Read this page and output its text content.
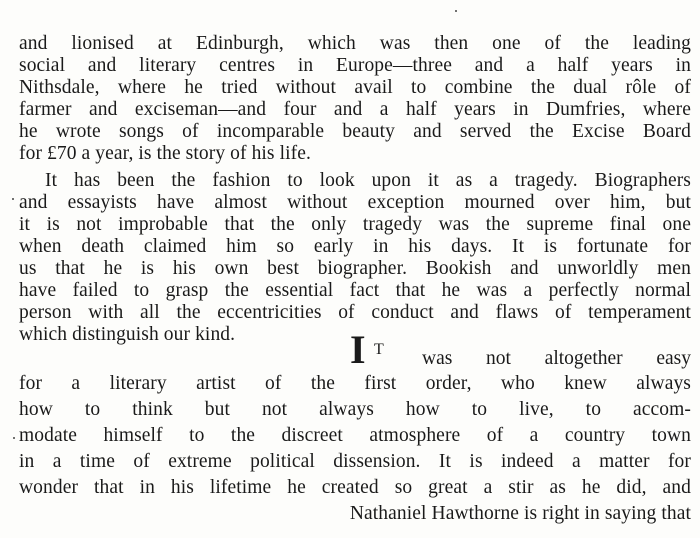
and lionised at Edinburgh, which was then one of the leading
social and literary centres in Europe—three and a half years in
Nithsdale, where he tried without avail to combine the dual rôle of
farmer and exciseman—and four and a half years in Dumfries, where
he wrote songs of incomparable beauty and served the Excise Board
for £70 a year, is the story of his life.
It has been the fashion to look upon it as a tragedy. Biographers
and essayists have almost without exception mourned over him, but
it is not improbable that the only tragedy was the supreme final one
when death claimed him so early in his days. It is fortunate for
us that he is his own best biographer. Bookish and unworldly men
have failed to grasp the essential fact that he was a perfectly normal
person with all the eccentricities of conduct and flaws of temperament
which distinguish our kind.	I T was not altogether easy
for a literary artist of the first order, who knew always
how to think but not always how to live, to accom-
modate himself to the discreet atmosphere of a country town
in a time of extreme political dissension. It is indeed a matter for
wonder that in his lifetime he created so great a stir as he did, and
Nathaniel Hawthorne is right in saying that
